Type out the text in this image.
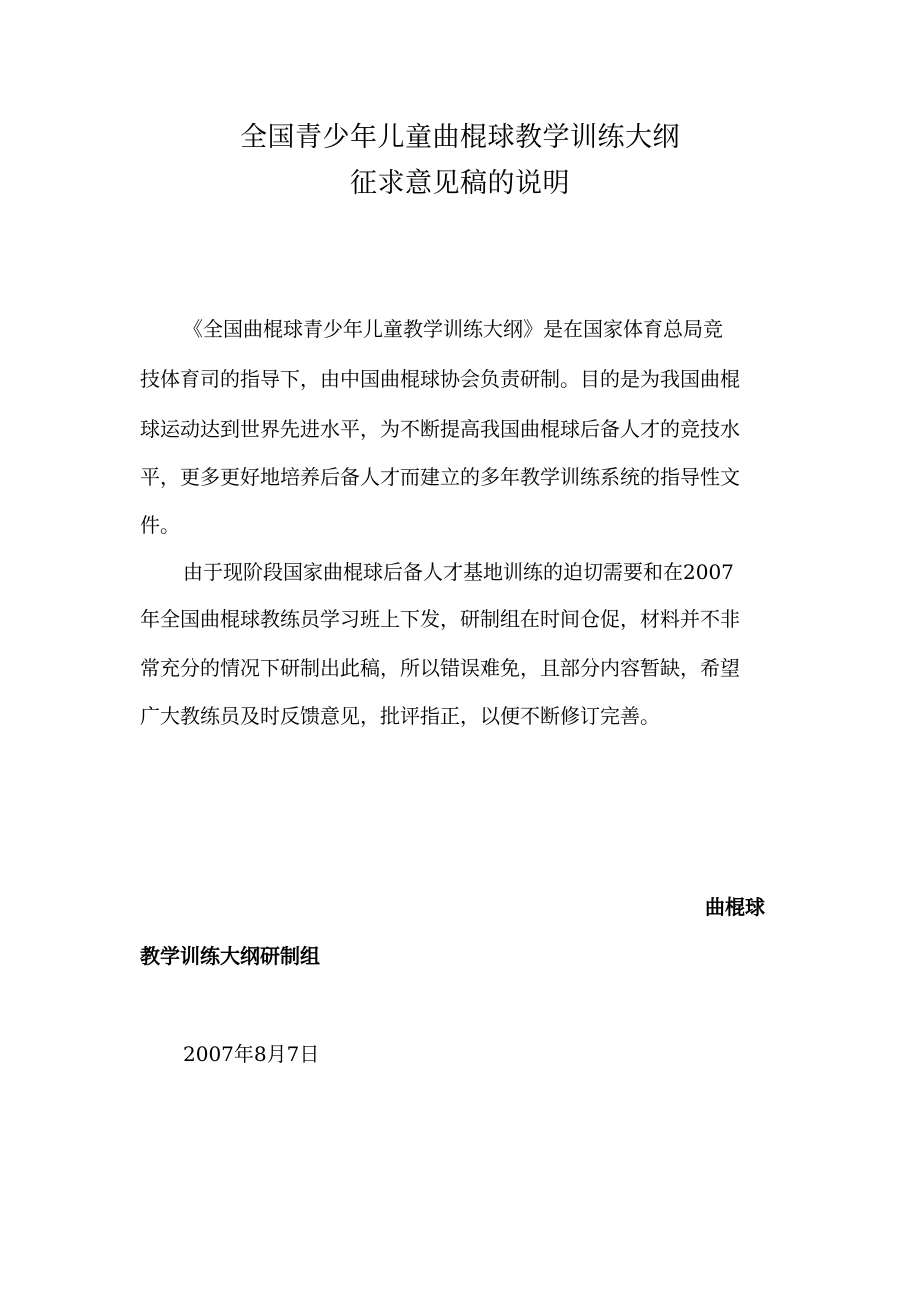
全国青少年儿童曲棍球教学训练大纲
征求意见稿的说明
《全国曲棍球青少年儿童教学训练大纲》是在国家体育总局竞
技体育司的指导下，由中国曲棍球协会负责研制。目的是为我国曲棍
球运动达到世界先进水平，为不断提高我国曲棍球后备人才的竞技水
平，更多更好地培养后备人才而建立的多年教学训练系统的指导性文
件。
由于现阶段国家曲棍球后备人才基地训练的迫切需要和在2007
年全国曲棍球教练员学习班上下发，研制组在时间仓促，材料并不非
常充分的情况下研制出此稿，所以错误难免，且部分内容暂缺，希望
广大教练员及时反馈意见，批评指正，以便不断修订完善。
曲棍球
教学训练大纲研制组
2007年8月7日
